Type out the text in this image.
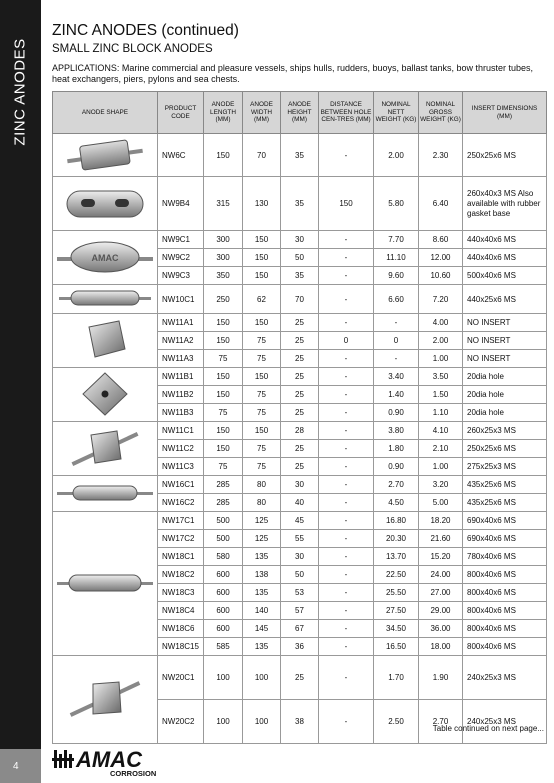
ZINC ANODES
4
ZINC ANODES (continued)
SMALL ZINC BLOCK ANODES
APPLICATIONS: Marine commercial and pleasure vessels, ships hulls, rudders, buoys, ballast tanks, bow thruster tubes, heat exchangers, piers, pylons and sea chests.
ANODE SHAPE	PRODUCT CODE	ANODE LENGTH (MM)	ANODE WIDTH (MM)	ANODE HEIGHT (MM)	DISTANCE BETWEEN HOLE CEN-TRES (MM)	NOMINAL NETT WEIGHT (KG)	NOMINAL GROSS WEIGHT (KG)	INSERT DIMENSIONS (MM)
	NW6C	150	70	35	-	2.00	2.30	250x25x6 MS
	NW9B4	315	130	35	150	5.80	6.40	260x40x3 MS Also available with rubber gasket base

AMAC	NW9C1	300	150	30	-	7.70	8.60	440x40x6 MS
	NW9C2	300	150	50	-	11.10	12.00	440x40x6 MS
	NW9C3	350	150	35	-	9.60	10.60	500x40x6 MS
	NW10C1	250	62	70	-	6.60	7.20	440x25x6 MS
	NW11A1	150	150	25	-	-	4.00	NO INSERT
	NW11A2	150	75	25	0	0	2.00	NO INSERT
	NW11A3	75	75	25	-	-	1.00	NO INSERT
	NW11B1	150	150	25	-	3.40	3.50	20dia hole
	NW11B2	150	75	25	-	1.40	1.50	20dia hole
	NW11B3	75	75	25	-	0.90	1.10	20dia hole
	NW11C1	150	150	28	-	3.80	4.10	260x25x3 MS
	NW11C2	150	75	25	-	1.80	2.10	250x25x6 MS
	NW11C3	75	75	25	-	0.90	1.00	275x25x3 MS
	NW16C1	285	80	30	-	2.70	3.20	435x25x6 MS
	NW16C2	285	80	40	-	4.50	5.00	435x25x6 MS
	NW17C1	500	125	45	-	16.80	18.20	690x40x6 MS
	NW17C2	500	125	55	-	20.30	21.60	690x40x6 MS
	NW18C1	580	135	30	-	13.70	15.20	780x40x6 MS
	NW18C2	600	138	50	-	22.50	24.00	800x40x6 MS
	NW18C3	600	135	53	-	25.50	27.00	800x40x6 MS
	NW18C4	600	140	57	-	27.50	29.00	800x40x6 MS
	NW18C6	600	145	67	-	34.50	36.00	800x40x6 MS
	NW18C15	585	135	36	-	16.50	18.00	800x40x6 MS
	NW20C1	100	100	25	-	1.70	1.90	240x25x3 MS
	NW20C2	100	100	38	-	2.50	2.70	240x25x3 MS
Table continued on next page...
AMAC
CORROSION
